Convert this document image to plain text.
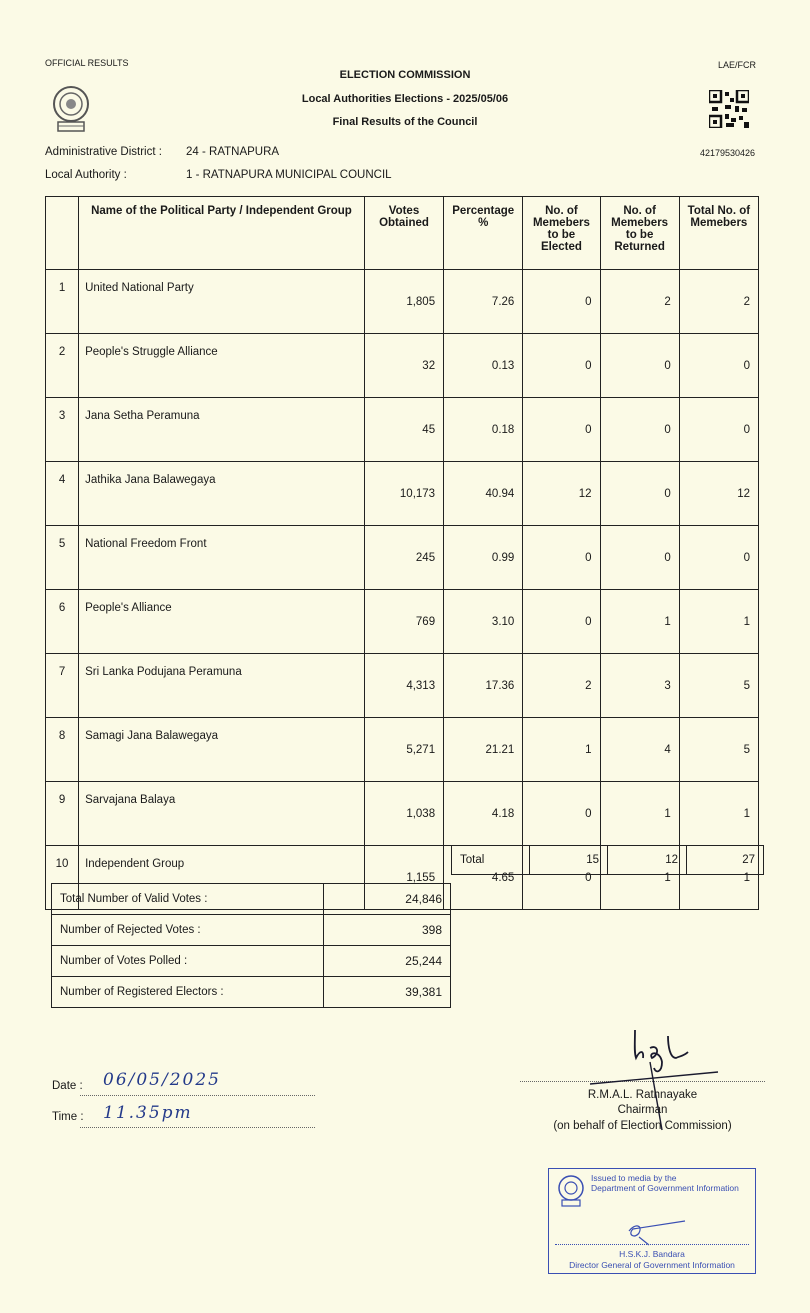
OFFICIAL RESULTS	LAE/FCR
ELECTION COMMISSION
Local Authorities Elections - 2025/05/06
Final Results of the Council
42179530426
Administrative District : 24 - RATNAPURA
Local Authority :	1 - RATNAPURA MUNICIPAL COUNCIL
	Name of the Political Party / Independent Group	Votes Obtained	Percentage %	No. of Memebers to be Elected	No. of Memebers to be Returned	Total No. of Memebers
1	United National Party	1,805	7.26	0	2	2
2	People's Struggle Alliance	32	0.13	0	0	0
3	Jana Setha Peramuna	45	0.18	0	0	0
4	Jathika Jana Balawegaya	10,173	40.94	12	0	12
5	National Freedom Front	245	0.99	0	0	0
6	People's Alliance	769	3.10	0	1	1
7	Sri Lanka Podujana Peramuna	4,313	17.36	2	3	5
8	Samagi Jana Balawegaya	5,271	21.21	1	4	5
9	Sarvajana Balaya	1,038	4.18	0	1	1
10	Independent Group	1,155	4.65	0	1	1
Total	15	12	27
Total Number of Valid Votes :	24,846
Number of Rejected Votes :	398
Number of Votes Polled :	25,244
Number of Registered Electors :	39,381
Date : 06/05/2025
Time : 11.35pm
R.M.A.L. Rathnayake
Chairman
(on behalf of Election Commission)
Issued to media by the
Department of Government Information
H.S.K.J. Bandara
Director General of Government Information
